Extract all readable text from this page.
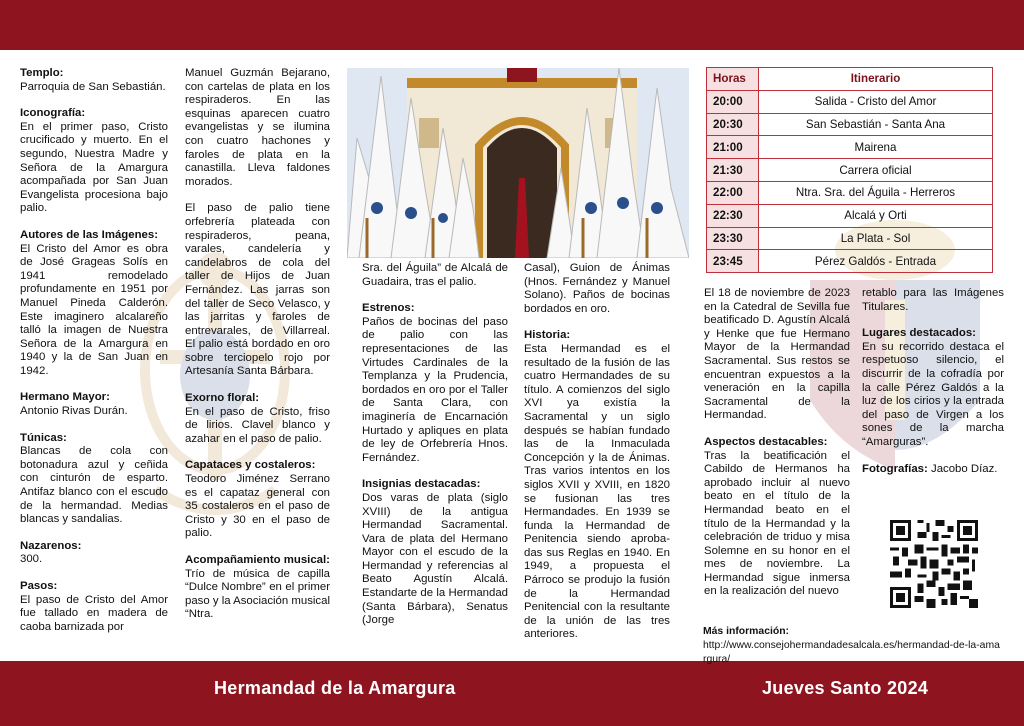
Hermandad de la Amargura	Jueves Santo 2024

Templo:

Parroquia de San Sebastián.

Iconografía:

En el primer paso, Cristo crucificado y muerto. En el segundo, Nuestra Madre y Señora de la Amargura acompañada por San Juan Evangelista procesiona bajo palio.

Autores de las Imágenes:

El Cristo del Amor es obra de José Grageas Solís en 1941 remodelado profundamente en 1951 por Manuel Pineda Calderón. Este imaginero alcalareño talló la imagen de Nuestra Señora de la Amargura en 1940 y la de San Juan en 1942.

Hermano Mayor:

Antonio Rivas Durán.

Túnicas:

Blancas de cola con botonadura azul y ceñida con cinturón de esparto. Antifaz blanco con el escudo de la hermandad. Medias blancas y sandalias.

Nazarenos:

300.

Pasos:

El paso de Cristo del Amor fue tallado en madera de caoba barnizada por

Manuel Guzmán Bejarano, con cartelas de plata en los respiraderos. En las esquinas aparecen cuatro evangelistas y se ilumina con cuatro hachones y faroles de plata en la canastilla. Lleva faldones morados.

El paso de palio tiene orfebrería plateada con respiraderos, peana, varales, candelería y candelabros de cola del taller de Hijos de Juan Fernández. Las jarras son del taller de Seco Velasco, y las jarritas y faroles de entrevarales, de Villarreal. El palio está bordado en oro sobre terciopelo rojo por Artesanía Santa Bárbara.

Exorno floral:

En el paso de Cristo, friso de lirios. Clavel blanco y azahar en el paso de palio.

Capataces y costaleros:

Teodoro Jiménez Serrano es el capataz general con 35 costaleros en el paso de Cristo y 30 en el paso de palio.

Acompañamiento musical:

Trío de música de capilla “Dulce Nombre” en el primer paso y la Asociación musical “Ntra.

Sra. del Águila” de Alcalá de Guadaira, tras el palio.

Estrenos:

Paños de bocinas del paso de palio con las representaciones de las Virtudes Cardinales de la Templanza y la Prudencia, bordados en oro por el Taller de Santa Clara, con imaginería de Encarnación Hurtado y apliques en plata de ley de Orfebrería Hnos. Fernández.

Insignias destacadas:

Dos varas de plata (siglo XVIII) de la antigua Hermandad Sacramental. Vara de plata del Hermano Mayor con el escudo de la Hermandad y referencias al Beato Agustín Alcalá. Estandarte de la Hermandad (Santa Bárbara), Senatus (Jorge

Casal), Guion de Ánimas (Hnos. Fernández y Manuel Solano). Paños de bocinas bordados en oro.

Historia:

Esta Hermandad es el resultado de la fusión de las cuatro Hermandades de su título. A comienzos del siglo XVI ya existía la Sacramental y un siglo después se habían fundado las de la Inmaculada Concepción y la de Ánimas. Tras varios intentos en los siglos XVII y XVIII, en 1820 se fusionan las tres Hermandades. En 1939 se funda la Hermandad de Penitencia siendo aprobadas sus Reglas en 1940. En 1949, a propuesta el Párroco se produjo la fusión de la Hermandad Penitencial con la resultante de la unión de las tres anteriores.

Horas	Itinerario
20:00	Salida - Cristo del Amor
20:30	San Sebastián - Santa Ana
21:00	Mairena
21:30	Carrera oficial
22:00	Ntra. Sra. del Águila - Herreros
22:30	Alcalá y Orti
23:30	La Plata - Sol
23:45	Pérez Galdós - Entrada

El 18 de noviembre de 2023 en la Catedral de Sevilla fue beatificado D. Agustín Alcalá y Henke que fue Hermano Mayor de la Hermandad Sacramental. Sus restos se encuentran expuestos a la veneración en la capilla Sacramental de la Hermandad.

Aspectos destacables:

Tras la beatificación el Cabildo de Hermanos ha aprobado incluir al nuevo beato en el título de la Hermandad beato en el título de la Hermandad y la celebración de triduo y misa Solemne en su honor en el mes de noviembre. La Hermandad sigue inmersa en la realización del nuevo

retablo para las Imágenes Titulares.

Lugares destacados:

En su recorrido destaca el respetuoso silencio, el discurrir de la cofradía por la calle Pérez Galdós a la luz de los cirios y la entrada del paso de Virgen a los sones de la marcha “Amarguras”.

Fotografías: Jacobo Díaz.

Más información:

http://www.consejohermandadesalcala.es/hermandad-de-la-amargura/
